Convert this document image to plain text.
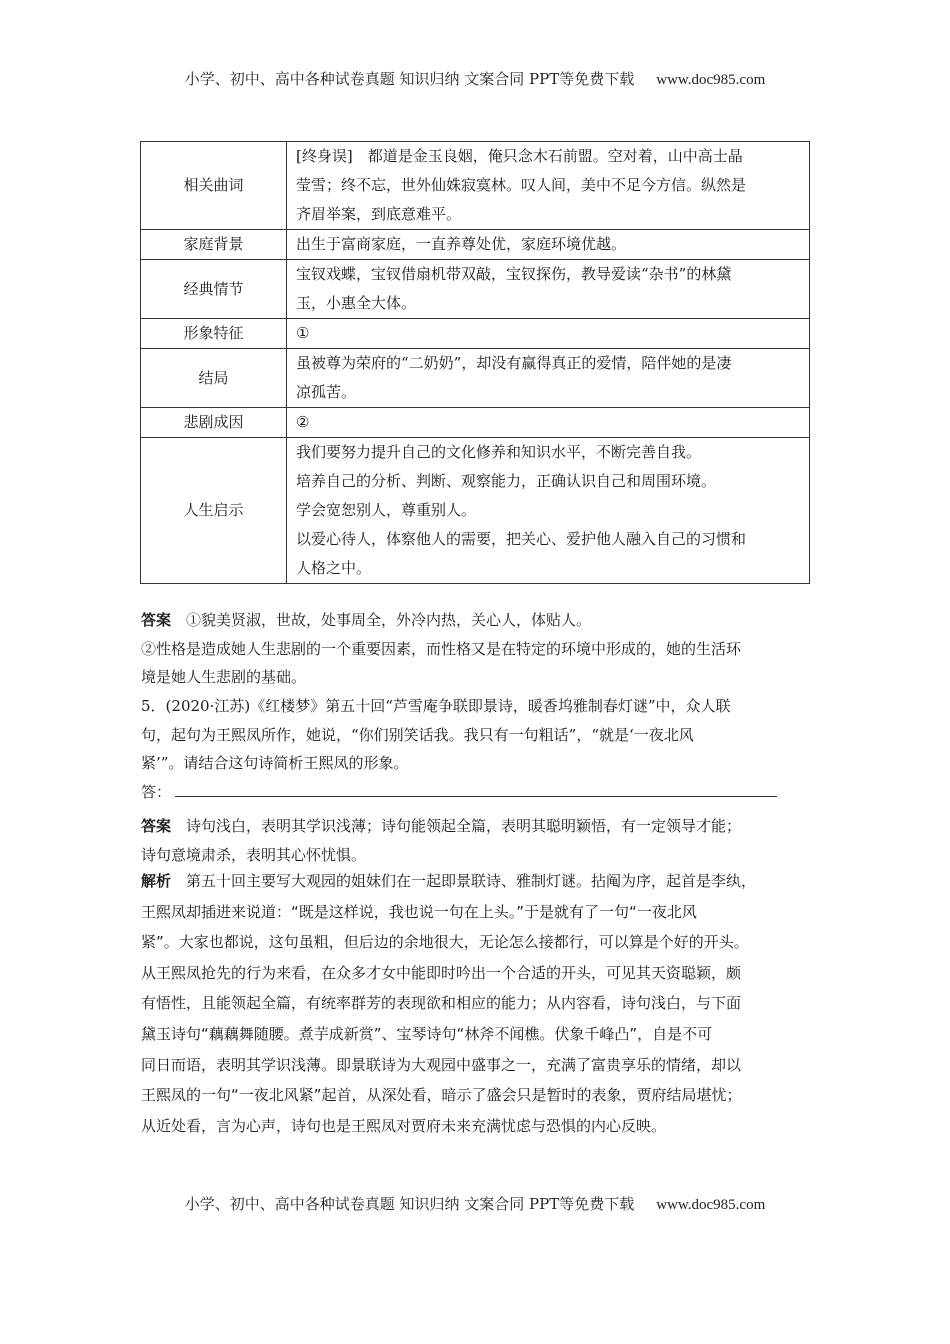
小学、初中、高中各种试卷真题 知识归纳 文案合同 PPT等免费下载 www.doc985.com
相关曲词	[终身误]　都道是金玉良姻，俺只念木石前盟。空对着，山中高士晶
莹雪；终不忘，世外仙姝寂寞林。叹人间，美中不足今方信。纵然是
齐眉举案，到底意难平。

家庭背景	出生于富商家庭，一直养尊处优，家庭环境优越。

经典情节	宝钗戏蝶，宝钗借扇机带双敲，宝钗探伤，教导爱读“杂书”的林黛
玉，小惠全大体。

形象特征	①

结局	虽被尊为荣府的“二奶奶”，却没有赢得真正的爱情，陪伴她的是凄
凉孤苦。

悲剧成因	②

人生启示	我们要努力提升自己的文化修养和知识水平，不断完善自我。
培养自己的分析、判断、观察能力，正确认识自己和周围环境。
学会宽恕别人，尊重别人。
以爱心待人，体察他人的需要，把关心、爱护他人融入自己的习惯和
人格之中。

答案　 ①貌美贤淑，世故，处事周全，外冷内热，关心人，体贴人。

②性格是造成她人生悲剧的一个重要因素，而性格又是在特定的环境中形成的，她的生活环

境是她人生悲剧的基础。

5．(2020·江苏)《红楼梦》第五十回“芦雪庵争联即景诗，暖香坞雅制春灯谜”中，众人联

句，起句为王熙凤所作，她说，“你们别笑话我。我只有一句粗话”，“就是‘一夜北风

紧’”。请结合这句诗简析王熙凤的形象。

答：

答案　 诗句浅白，表明其学识浅薄；诗句能领起全篇，表明其聪明颖悟，有一定领导才能；

诗句意境肃杀，表明其心怀忧惧。

解析　 第五十回主要写大观园的姐妹们在一起即景联诗、雅制灯谜。拈阄为序，起首是李纨，

王熙凤却插进来说道：“既是这样说，我也说一句在上头。”于是就有了一句“一夜北风

紧”。大家也都说，这句虽粗，但后边的余地很大，无论怎么接都行，可以算是个好的开头。

从王熙凤抢先的行为来看，在众多才女中能即时吟出一个合适的开头，可见其天资聪颖，颇

有悟性，且能领起全篇，有统率群芳的表现欲和相应的能力；从内容看，诗句浅白，与下面

黛玉诗句“藕藕舞随腰。煮芋成新赏”、宝琴诗句“林斧不闻樵。伏象千峰凸”，自是不可

同日而语，表明其学识浅薄。即景联诗为大观园中盛事之一，充满了富贵享乐的情绪，却以

王熙凤的一句“一夜北风紧”起首，从深处看，暗示了盛会只是暂时的表象，贾府结局堪忧；

从近处看，言为心声，诗句也是王熙凤对贾府未来充满忧虑与恐惧的内心反映。

小学、初中、高中各种试卷真题 知识归纳 文案合同 PPT等免费下载 www.doc985.com
